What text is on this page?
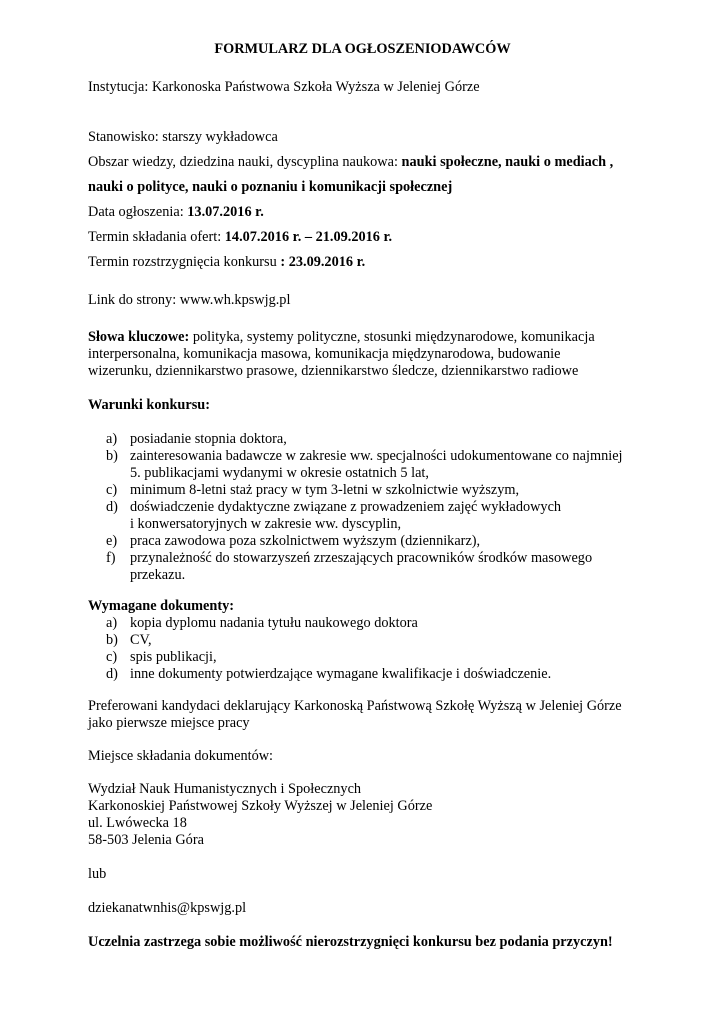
FORMULARZ DLA OGŁOSZENIODAWCÓW
Instytucja: Karkonoska Państwowa Szkoła Wyższa w Jeleniej Górze
Stanowisko: starszy wykładowca
Obszar wiedzy, dziedzina nauki, dyscyplina naukowa: nauki społeczne, nauki o mediach ,
nauki o polityce, nauki o poznaniu i komunikacji społecznej
Data ogłoszenia: 13.07.2016 r.
Termin składania ofert: 14.07.2016 r. – 21.09.2016 r.
Termin rozstrzygnięcia konkursu : 23.09.2016 r.
Link do strony: www.wh.kpswjg.pl
Słowa kluczowe: polityka, systemy polityczne, stosunki międzynarodowe, komunikacja
interpersonalna, komunikacja masowa, komunikacja międzynarodowa, budowanie
wizerunku, dziennikarstwo prasowe, dziennikarstwo śledcze, dziennikarstwo radiowe
Warunki konkursu:
a) posiadanie stopnia doktora,
b) zainteresowania badawcze w zakresie ww. specjalności udokumentowane co najmniej
5. publikacjami wydanymi w okresie ostatnich 5 lat,
c) minimum 8-letni staż pracy w tym 3-letni w szkolnictwie wyższym,
d) doświadczenie dydaktyczne związane z prowadzeniem zajęć wykładowych
i konwersatoryjnych w zakresie ww. dyscyplin,
e) praca zawodowa poza szkolnictwem wyższym (dziennikarz),
f) przynależność do stowarzyszeń zrzeszających pracowników środków masowego
przekazu.
Wymagane dokumenty:
a) kopia dyplomu nadania tytułu naukowego doktora
b) CV,
c) spis publikacji,
d) inne dokumenty potwierdzające wymagane kwalifikacje i doświadczenie.
Preferowani kandydaci deklarujący Karkonoską Państwową Szkołę Wyższą w Jeleniej Górze
jako pierwsze miejsce pracy
Miejsce składania dokumentów:
Wydział Nauk Humanistycznych i Społecznych
Karkonoskiej Państwowej Szkoły Wyższej w Jeleniej Górze
ul. Lwówecka 18
58-503 Jelenia Góra
lub
dziekanatwnhis@kpswjg.pl
Uczelnia zastrzega sobie możliwość nierozstrzygnięci konkursu bez podania przyczyn!
